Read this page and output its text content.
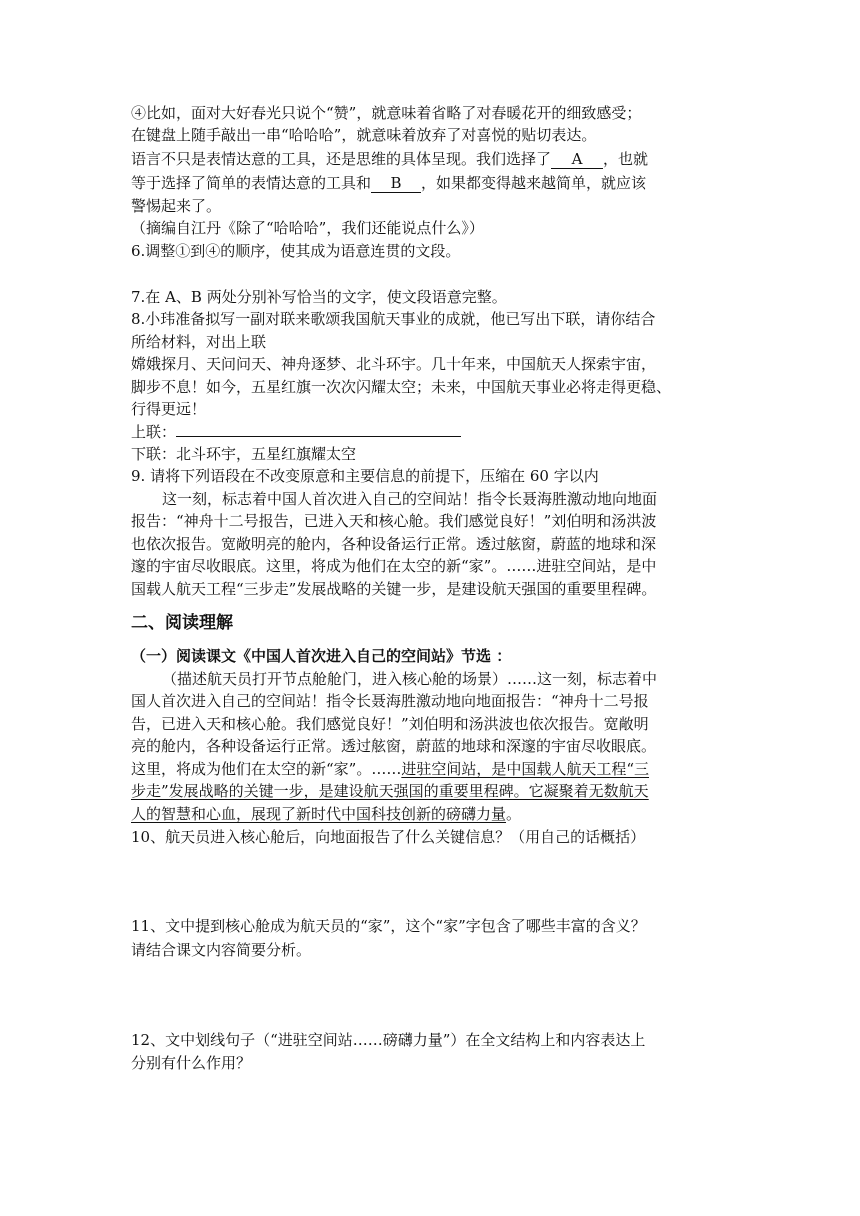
④比如，面对大好春光只说个“赞”，就意味着省略了对春暖花开的细致感受；
在键盘上随手敲出一串“哈哈哈”，就意味着放弃了对喜悦的贴切表达。
语言不只是表情达意的工具，还是思维的具体呈现。我们选择了 A ，也就
等于选择了简单的表情达意的工具和 B ，如果都变得越来越简单，就应该
警惕起来了。
（摘编自江丹《除了“哈哈哈”，我们还能说点什么》）
6.调整①到④的顺序，使其成为语意连贯的文段。
7.在 A、B 两处分别补写恰当的文字，使文段语意完整。
8.小玮准备拟写一副对联来歌颂我国航天事业的成就，他已写出下联，请你结合
所给材料，对出上联
嫦娥探月、天问问天、神舟逐梦、北斗环宇。几十年来，中国航天人探索宇宙，
脚步不息！如今，五星红旗一次次闪耀太空；未来，中国航天事业必将走得更稳、
行得更远！
上联：
下联：北斗环宇，五星红旗耀太空
9. 请将下列语段在不改变原意和主要信息的前提下，压缩在 60 字以内
这一刻，标志着中国人首次进入自己的空间站！指令长聂海胜激动地向地面
报告：“神舟十二号报告，已进入天和核心舱。我们感觉良好！”刘伯明和汤洪波
也依次报告。宽敞明亮的舱内，各种设备运行正常。透过舷窗，蔚蓝的地球和深
邃的宇宙尽收眼底。这里，将成为他们在太空的新“家”。……进驻空间站，是中
国载人航天工程“三步走”发展战略的关键一步，是建设航天强国的重要里程碑。
二、阅读理解
（一）阅读课文《中国人首次进入自己的空间站》节选 ：
（描述航天员打开节点舱舱门，进入核心舱的场景）……这一刻，标志着中
国人首次进入自己的空间站！指令长聂海胜激动地向地面报告：“神舟十二号报
告，已进入天和核心舱。我们感觉良好！”刘伯明和汤洪波也依次报告。宽敞明
亮的舱内，各种设备运行正常。透过舷窗，蔚蓝的地球和深邃的宇宙尽收眼底。
这里，将成为他们在太空的新“家”。……进驻空间站，是中国载人航天工程“三
步走”发展战略的关键一步，是建设航天强国的重要里程碑。它凝聚着无数航天
人的智慧和心血，展现了新时代中国科技创新的磅礴力量。
10、航天员进入核心舱后，向地面报告了什么关键信息？（用自己的话概括）
11、文中提到核心舱成为航天员的“家”，这个“家”字包含了哪些丰富的含义？
请结合课文内容简要分析。
12、文中划线句子（“进驻空间站……磅礴力量”）在全文结构上和内容表达上
分别有什么作用？
